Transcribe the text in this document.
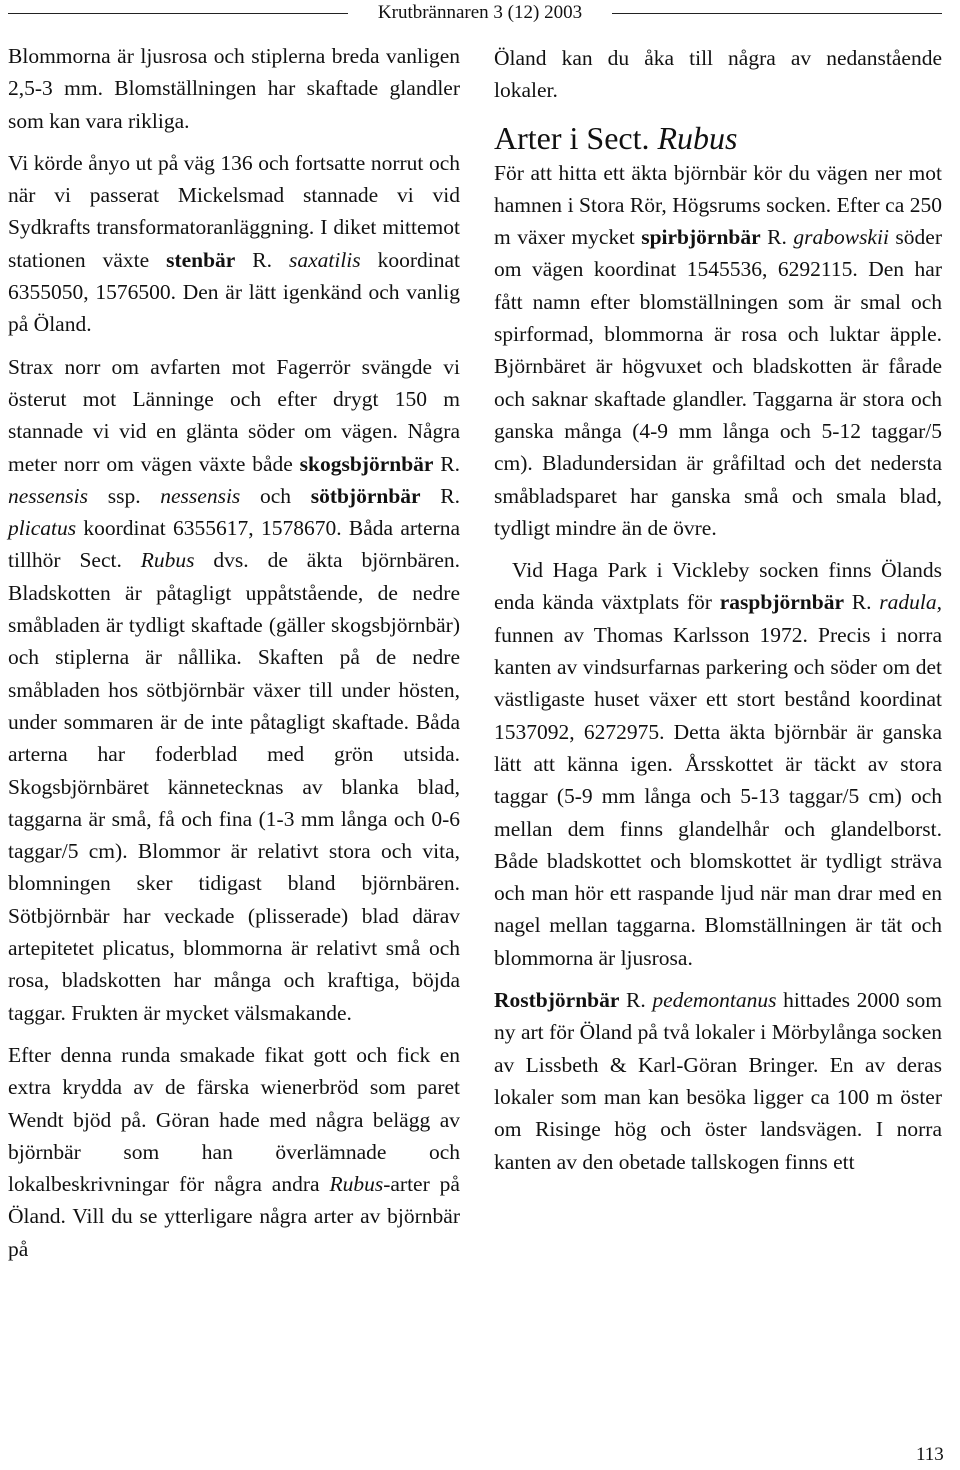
Krutbrännaren 3 (12) 2003

Blommorna är ljusrosa och stiplerna breda vanligen 2,5-3 mm. Blomställningen har skaftade glandler som kan vara rikliga.

Vi körde ånyo ut på väg 136 och fortsatte norrut och när vi passerat Mickelsmad stannade vi vid Sydkrafts transformatoranläggning. I diket mittemot stationen växte stenbär R. saxatilis koordinat 6355050, 1576500. Den är lätt igenkänd och vanlig på Öland.

Strax norr om avfarten mot Fagerrör svängde vi österut mot Länninge och efter drygt 150 m stannade vi vid en glänta söder om vägen. Några meter norr om vägen växte både skogsbjörnbär R. nessensis ssp. nessensis och sötbjörnbär R. plicatus koordinat 6355617, 1578670. Båda arterna tillhör Sect. Rubus dvs. de äkta björnbären. Bladskotten är påtagligt uppåtstående, de nedre småbladen är tydligt skaftade (gäller skogsbjörnbär) och stiplerna är nållika. Skaften på de nedre småbladen hos sötbjörnbär växer till under hösten, under sommaren är de inte påtagligt skaftade. Båda arterna har foderblad med grön utsida. Skogsbjörnbäret kännetecknas av blanka blad, taggarna är små, få och fina (1-3 mm långa och 0-6 taggar/5 cm). Blommor är relativt stora och vita, blomningen sker tidigast bland björnbären. Sötbjörnbär har veckade (plisserade) blad därav artepitetet plicatus, blommorna är relativt små och rosa, bladskotten har många och kraftiga, böjda taggar. Frukten är mycket välsmakande.

Efter denna runda smakade fikat gott och fick en extra krydda av de färska wienerbröd som paret Wendt bjöd på. Göran hade med några belägg av björnbär som han överlämnade och lokalbeskrivningar för några andra Rubus-arter på Öland. Vill du se ytterligare några arter av björnbär på

Öland kan du åka till några av nedanstående lokaler.

Arter i Sect. Rubus

För att hitta ett äkta björnbär kör du vägen ner mot hamnen i Stora Rör, Högsrums socken. Efter ca 250 m växer mycket spirbjörnbär R. grabowskii söder om vägen koordinat 1545536, 6292115. Den har fått namn efter blomställningen som är smal och spirformad, blommorna är rosa och luktar äpple. Björnbäret är högvuxet och bladskotten är fårade och saknar skaftade glandler. Taggarna är stora och ganska många (4-9 mm långa och 5-12 taggar/5 cm). Bladundersidan är gråfiltad och det nedersta småbladsparet har ganska små och smala blad, tydligt mindre än de övre.

Vid Haga Park i Vickleby socken finns Ölands enda kända växtplats för raspbjörnbär R. radula, funnen av Thomas Karlsson 1972. Precis i norra kanten av vindsurfarnas parkering och söder om det västligaste huset växer ett stort bestånd koordinat 1537092, 6272975. Detta äkta björnbär är ganska lätt att känna igen. Årsskottet är täckt av stora taggar (5-9 mm långa och 5-13 taggar/5 cm) och mellan dem finns glandelhår och glandelborst. Både bladskottet och blomskottet är tydligt sträva och man hör ett raspande ljud när man drar med en nagel mellan taggarna. Blomställningen är tät och blommorna är ljusrosa.

Rostbjörnbär R. pedemontanus hittades 2000 som ny art för Öland på två lokaler i Mörbylånga socken av Lissbeth & Karl-Göran Bringer. En av deras lokaler som man kan besöka ligger ca 100 m öster om Risinge hög och öster landsvägen. I norra kanten av den obetade tallskogen finns ett

113
